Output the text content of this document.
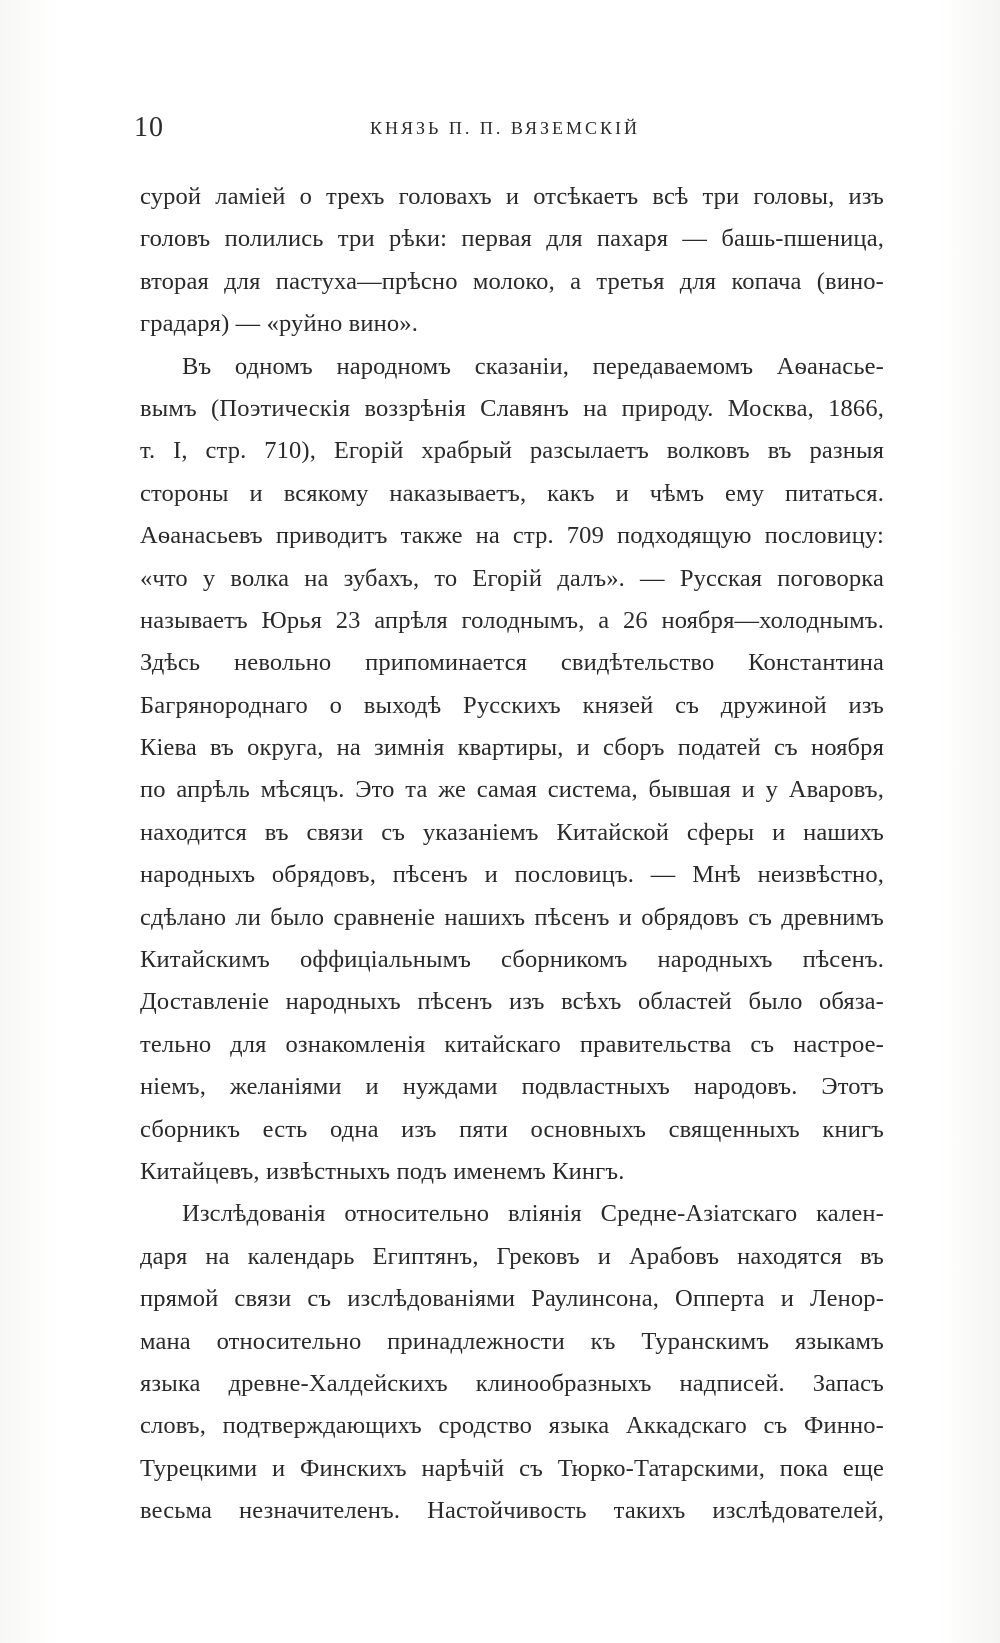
10	КНЯЗЬ П. П. ВЯЗЕМСКІЙ
сурой ламіей о трехъ головахъ и отсѣкаетъ всѣ три головы, изъ
головъ полились три рѣки: первая для пахаря — башь-пшеница,
вторая для пастуха—прѣсно молоко, а третья для копача (вино-
градаря) — «руйно вино».
Въ одномъ народномъ сказаніи, передаваемомъ Аѳанасье-
вымъ (Поэтическія воззрѣнія Славянъ на природу. Москва, 1866,
т. I, стр. 710), Егорій храбрый разсылаетъ волковъ въ разныя
стороны и всякому наказываетъ, какъ и чѣмъ ему питаться.
Аѳанасьевъ приводитъ также на стр. 709 подходящую пословицу:
«что у волка на зубахъ, то Егорій далъ». — Русская поговорка
называетъ Юрья 23 апрѣля голоднымъ, а 26 ноября—холоднымъ.
Здѣсь невольно припоминается свидѣтельство Константина
Багрянороднаго о выходѣ Русскихъ князей съ дружиной изъ
Кіева въ округа, на зимнія квартиры, и сборъ податей съ ноября
по апрѣль мѣсяцъ. Это та же самая система, бывшая и у Аваровъ,
находится въ связи съ указаніемъ Китайской сферы и нашихъ
народныхъ обрядовъ, пѣсенъ и пословицъ. — Мнѣ неизвѣстно,
сдѣлано ли было сравненіе нашихъ пѣсенъ и обрядовъ съ древнимъ
Китайскимъ оффиціальнымъ сборникомъ народныхъ пѣсенъ.
Доставленіе народныхъ пѣсенъ изъ всѣхъ областей было обяза-
тельно для ознакомленія китайскаго правительства съ настрое-
ніемъ, желаніями и нуждами подвластныхъ народовъ. Этотъ
сборникъ есть одна изъ пяти основныхъ священныхъ книгъ
Китайцевъ, извѣстныхъ подъ именемъ Кингъ.
Изслѣдованія относительно вліянія Средне-Азіатскаго кален-
даря на календарь Египтянъ, Грековъ и Арабовъ находятся въ
прямой связи съ изслѣдованіями Раулинсона, Опперта и Ленор-
мана относительно принадлежности къ Туранскимъ языкамъ
языка древне-Халдейскихъ клинообразныхъ надписей. Запасъ
словъ, подтверждающихъ сродство языка Аккадскаго съ Финно-
Турецкими и Финскихъ нарѣчій съ Тюрко-Татарскими, пока еще
весьма незначителенъ. Настойчивость такихъ изслѣдователей,
